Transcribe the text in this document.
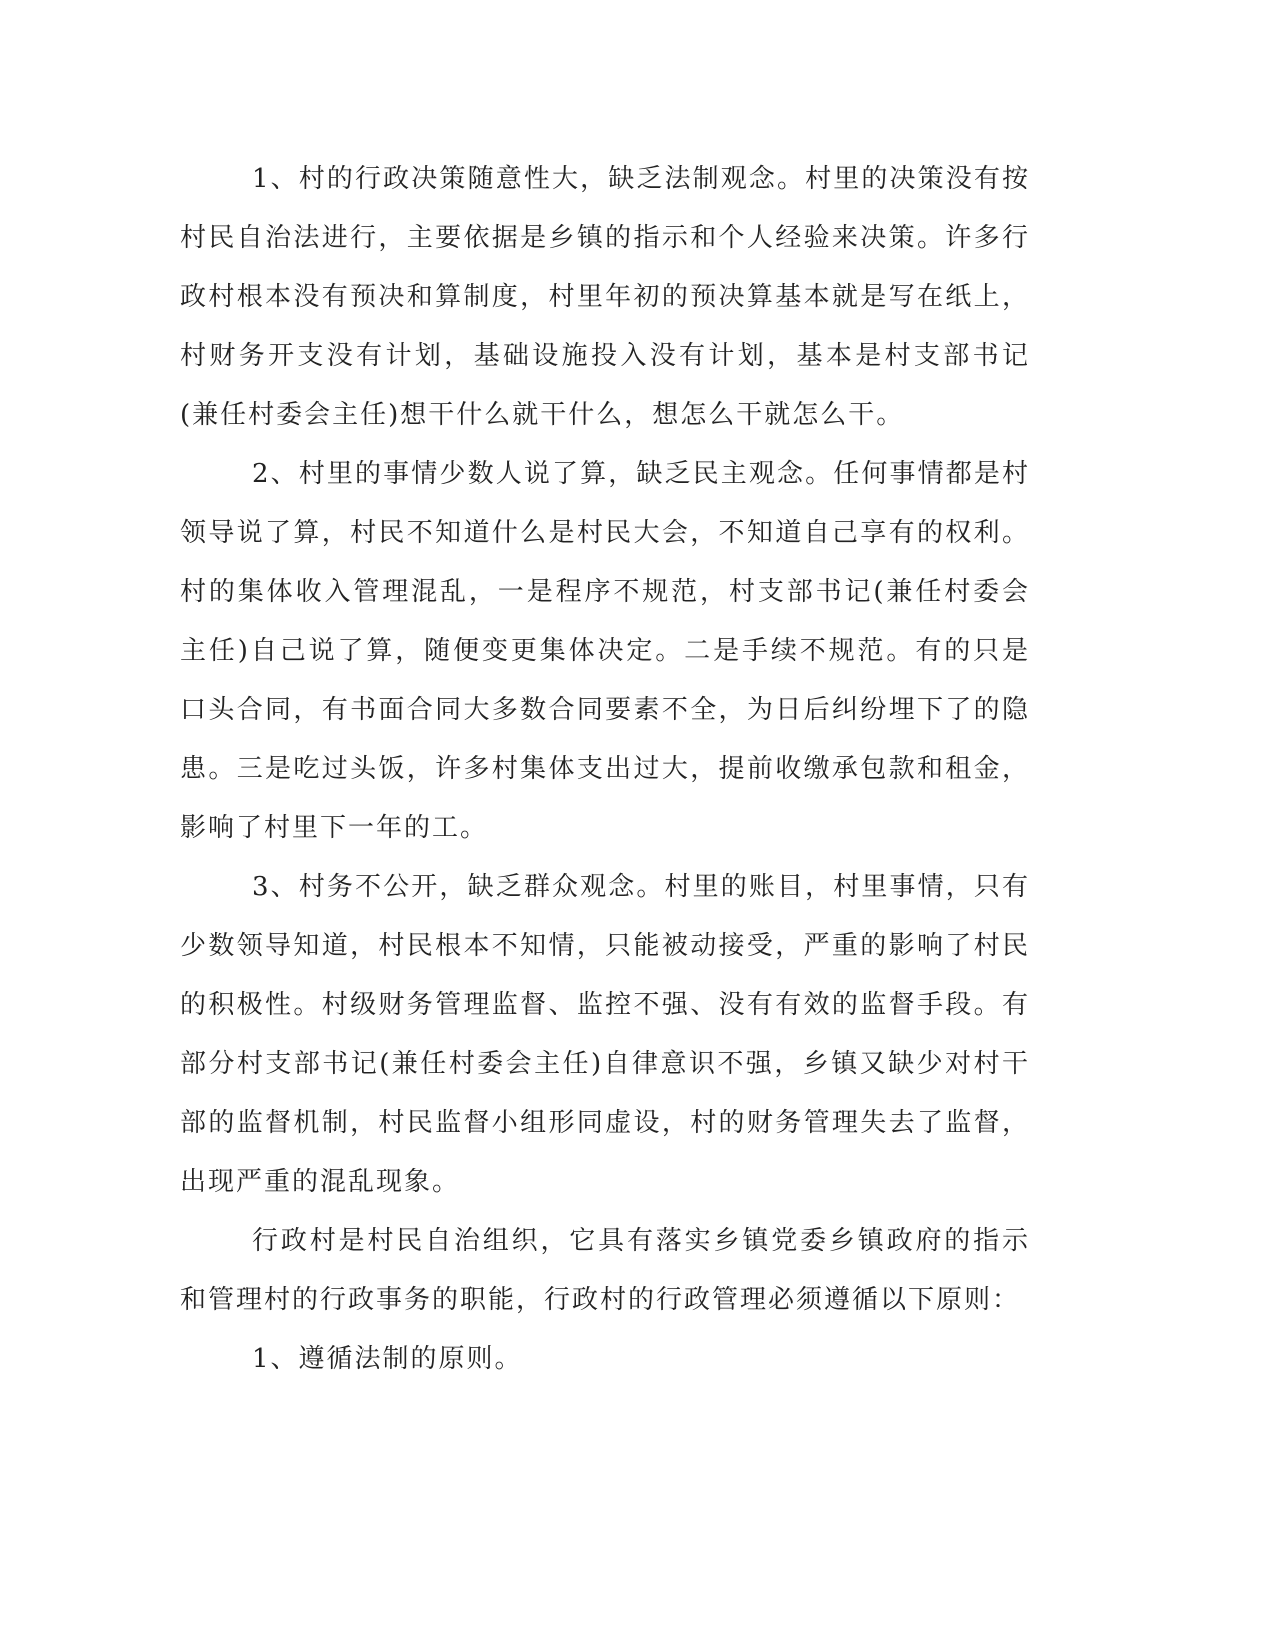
1、村的行政决策随意性大，缺乏法制观念。村里的决策没有按村民自治法进行，主要依据是乡镇的指示和个人经验来决策。许多行政村根本没有预决和算制度，村里年初的预决算基本就是写在纸上，村财务开支没有计划，基础设施投入没有计划，基本是村支部书记(兼任村委会主任)想干什么就干什么，想怎么干就怎么干。

2、村里的事情少数人说了算，缺乏民主观念。任何事情都是村领导说了算，村民不知道什么是村民大会，不知道自己享有的权利。村的集体收入管理混乱，一是程序不规范，村支部书记(兼任村委会主任)自己说了算，随便变更集体决定。二是手续不规范。有的只是口头合同，有书面合同大多数合同要素不全，为日后纠纷埋下了的隐患。三是吃过头饭，许多村集体支出过大，提前收缴承包款和租金，影响了村里下一年的工。

3、村务不公开，缺乏群众观念。村里的账目，村里事情，只有少数领导知道，村民根本不知情，只能被动接受，严重的影响了村民的积极性。村级财务管理监督、监控不强、没有有效的监督手段。有部分村支部书记(兼任村委会主任)自律意识不强，乡镇又缺少对村干部的监督机制，村民监督小组形同虚设，村的财务管理失去了监督，出现严重的混乱现象。

行政村是村民自治组织，它具有落实乡镇党委乡镇政府的指示和管理村的行政事务的职能，行政村的行政管理必须遵循以下原则：

1、遵循法制的原则。
